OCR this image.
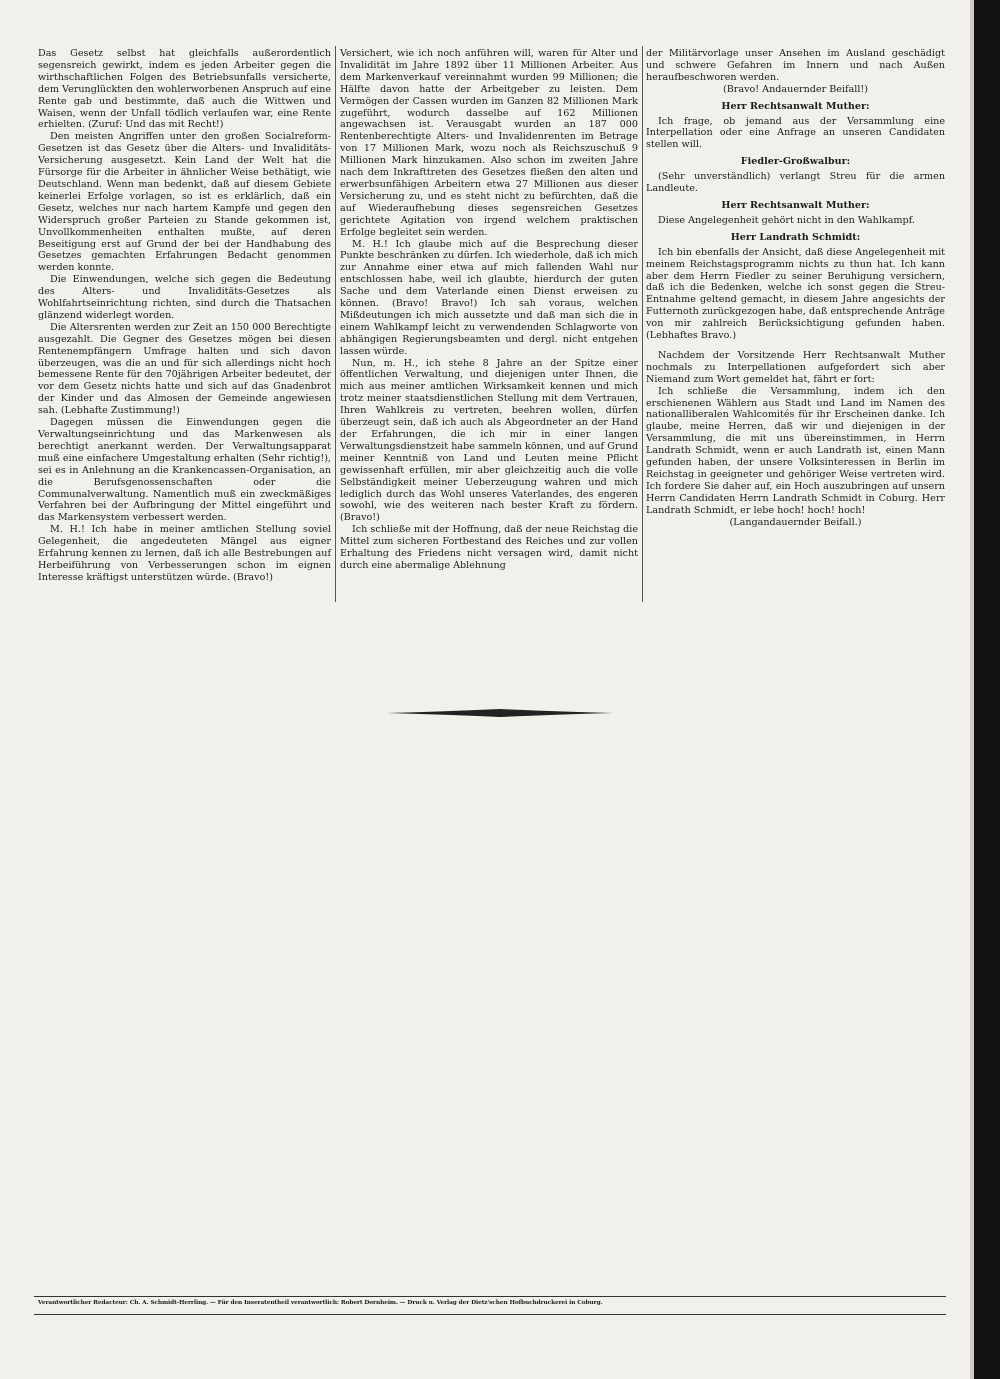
Das Gesetz selbst hat gleichfalls außerordentlich segensreich gewirkt, indem es jeden Arbeiter gegen die wirthschaftlichen Folgen des Betriebsunfalls versicherte, dem Verunglückten den wohlerworbenen Anspruch auf eine Rente gab und bestimmte, daß auch die Wittwen und Waisen, wenn der Unfall tödlich verlaufen war, eine Rente erhielten. (Zuruf: Und das mit Recht!)

Den meisten Angriffen unter den großen Socialreform-Gesetzen ist das Gesetz über die Alters- und Invaliditäts-Versicherung ausgesetzt. Kein Land der Welt hat die Fürsorge für die Arbeiter in ähnlicher Weise bethätigt, wie Deutschland. Wenn man bedenkt, daß auf diesem Gebiete keinerlei Erfolge vorlagen, so ist es erklärlich, daß ein Gesetz, welches nur nach hartem Kampfe und gegen den Widerspruch großer Parteien zu Stande gekommen ist, Unvollkommenheiten enthalten mußte, auf deren Beseitigung erst auf Grund der bei der Handhabung des Gesetzes gemachten Erfahrungen Bedacht genommen werden konnte.

Die Einwendungen, welche sich gegen die Bedeutung des Alters- und Invaliditäts-Gesetzes als Wohlfahrtseinrichtung richten, sind durch die Thatsachen glänzend widerlegt worden.

Die Altersrenten werden zur Zeit an 150 000 Berechtigte ausgezahlt. Die Gegner des Gesetzes mögen bei diesen Rentenempfängern Umfrage halten und sich davon überzeugen, was die an und für sich allerdings nicht hoch bemessene Rente für den 70jährigen Arbeiter bedeutet, der vor dem Gesetz nichts hatte und sich auf das Gnadenbrot der Kinder und das Almosen der Gemeinde angewiesen sah. (Lebhafte Zustimmung!)

Dagegen müssen die Einwendungen gegen die Verwaltungseinrichtung und das Markenwesen als berechtigt anerkannt werden. Der Verwaltungsapparat muß eine einfachere Umgestaltung erhalten (Sehr richtig!), sei es in Anlehnung an die Krankencassen-Organisation, an die Berufsgenossenschaften oder die Communalverwaltung. Namentlich muß ein zweckmäßiges Verfahren bei der Aufbringung der Mittel eingeführt und das Markensystem verbessert werden.

M. H.! Ich habe in meiner amtlichen Stellung soviel Gelegenheit, die angedeuteten Mängel aus eigner Erfahrung kennen zu lernen, daß ich alle Bestrebungen auf Herbeiführung von Verbesserungen schon im eignen Interesse kräftigst unterstützen würde. (Bravo!)

Versichert, wie ich noch anführen will, waren für Alter und Invalidität im Jahre 1892 über 11 Millionen Arbeiter. Aus dem Markenverkauf vereinnahmt wurden 99 Millionen; die Hälfte davon hatte der Arbeitgeber zu leisten. Dem Vermögen der Cassen wurden im Ganzen 82 Millionen Mark zugeführt, wodurch dasselbe auf 162 Millionen angewachsen ist. Verausgabt wurden an 187 000 Rentenberechtigte Alters- und Invalidenrenten im Betrage von 17 Millionen Mark, wozu noch als Reichszuschuß 9 Millionen Mark hinzukamen. Also schon im zweiten Jahre nach dem Inkrafttreten des Gesetzes fließen den alten und erwerbsunfähigen Arbeitern etwa 27 Millionen aus dieser Versicherung zu, und es steht nicht zu befürchten, daß die auf Wiederaufhebung dieses segensreichen Gesetzes gerichtete Agitation von irgend welchem praktischen Erfolge begleitet sein werden.

M. H.! Ich glaube mich auf die Besprechung dieser Punkte beschränken zu dürfen. Ich wiederhole, daß ich mich zur Annahme einer etwa auf mich fallenden Wahl nur entschlossen habe, weil ich glaubte, hierdurch der guten Sache und dem Vaterlande einen Dienst erweisen zu können. (Bravo! Bravo!) Ich sah voraus, welchen Mißdeutungen ich mich aussetzte und daß man sich die in einem Wahlkampf leicht zu verwendenden Schlagworte von abhängigen Regierungsbeamten und dergl. nicht entgehen lassen würde.

Nun, m. H., ich stehe 8 Jahre an der Spitze einer öffentlichen Verwaltung, und diejenigen unter Ihnen, die mich aus meiner amtlichen Wirksamkeit kennen und mich trotz meiner staatsdienstlichen Stellung mit dem Vertrauen, Ihren Wahlkreis zu vertreten, beehren wollen, dürfen überzeugt sein, daß ich auch als Abgeordneter an der Hand der Erfahrungen, die ich mir in einer langen Verwaltungsdienstzeit habe sammeln können, und auf Grund meiner Kenntniß von Land und Leuten meine Pflicht gewissenhaft erfüllen, mir aber gleichzeitig auch die volle Selbständigkeit meiner Ueberzeugung wahren und mich lediglich durch das Wohl unseres Vaterlandes, des engeren sowohl, wie des weiteren nach bester Kraft zu fördern. (Bravo!)

Ich schließe mit der Hoffnung, daß der neue Reichstag die Mittel zum sicheren Fortbestand des Reiches und zur vollen Erhaltung des Friedens nicht versagen wird, damit nicht durch eine abermalige Ablehnung

der Militärvorlage unser Ansehen im Ausland geschädigt und schwere Gefahren im Innern und nach Außen heraufbeschworen werden.

(Bravo! Andauernder Beifall!)

Herr Rechtsanwalt Muther:

Ich frage, ob jemand aus der Versammlung eine Interpellation oder eine Anfrage an unseren Candidaten stellen will.

Fiedler-Großwalbur:

(Sehr unverständlich) verlangt Streu für die armen Landleute.

Herr Rechtsanwalt Muther:

Diese Angelegenheit gehört nicht in den Wahlkampf.

Herr Landrath Schmidt:

Ich bin ebenfalls der Ansicht, daß diese Angelegenheit mit meinem Reichstagsprogramm nichts zu thun hat. Ich kann aber dem Herrn Fiedler zu seiner Beruhigung versichern, daß ich die Bedenken, welche ich sonst gegen die Streu-Entnahme geltend gemacht, in diesem Jahre angesichts der Futternoth zurückgezogen habe, daß entsprechende Anträge von mir zahlreich Berücksichtigung gefunden haben. (Lebhaftes Bravo.)

Nachdem der Vorsitzende Herr Rechtsanwalt Muther nochmals zu Interpellationen aufgefordert sich aber Niemand zum Wort gemeldet hat, fährt er fort:

Ich schließe die Versammlung, indem ich den erschienenen Wählern aus Stadt und Land im Namen des nationalliberalen Wahlcomités für ihr Erscheinen danke. Ich glaube, meine Herren, daß wir und diejenigen in der Versammlung, die mit uns übereinstimmen, in Herrn Landrath Schmidt, wenn er auch Landrath ist, einen Mann gefunden haben, der unsere Volksinteressen in Berlin im Reichstag in geeigneter und gehöriger Weise vertreten wird. Ich fordere Sie daher auf, ein Hoch auszubringen auf unsern Herrn Candidaten Herrn Landrath Schmidt in Coburg. Herr Landrath Schmidt, er lebe hoch! hoch! hoch!

(Langandauernder Beifall.)

Verantwortlicher Redacteur: Ch. A. Schmidt-Herrling. — Für den Inseratentheil verantwortlich: Robert Dornheim. — Druck u. Verlag der Dietz'schen Hofbuchdruckerei in Coburg.
